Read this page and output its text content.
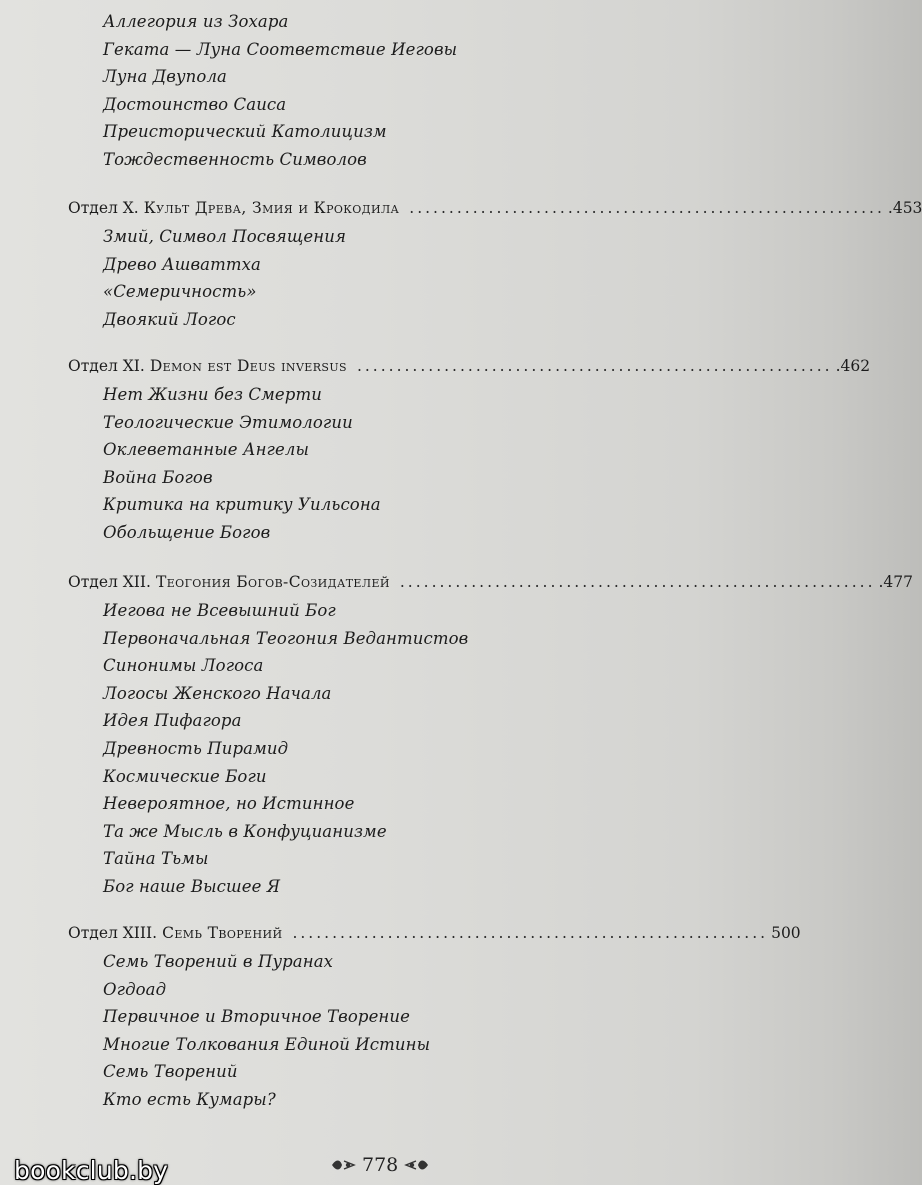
Аллегория из Зохара
Геката — Луна Соответствие Иеговы
Луна Двупола
Достоинство Саиса
Преисторический Католицизм
Тождественность Символов
Отдел X. Культ Древа, Змия и Крокодила ............................................................ .453
Змий, Символ Посвящения
Древо Ашваттха
«Семеричность»
Двоякий Логос
Отдел XI. Demon est Deus inversus ............................................................ .462
Нет Жизни без Смерти
Теологические Этимологии
Оклеветанные Ангелы
Война Богов
Критика на критику Уильсона
Обольщение Богов
Отдел XII. Теогония Богов-Созидателей ............................................................ .477
Иегова не Всевышний Бог
Первоначальная Теогония Ведантистов
Синонимы Логоса
Логосы Женского Начала
Идея Пифагора
Древность Пирамид
Космические Боги
Невероятное, но Истинное
Та же Мысль в Конфуцианизме
Тайна Тьмы
Бог наше Высшее Я
Отдел XIII. Семь Творений ............................................................ 500
Семь Творений в Пуранах
Огдоад
Первичное и Вторичное Творение
Многие Толкования Единой Истины
Семь Творений
Кто есть Кумары?
bookclub.by	778
